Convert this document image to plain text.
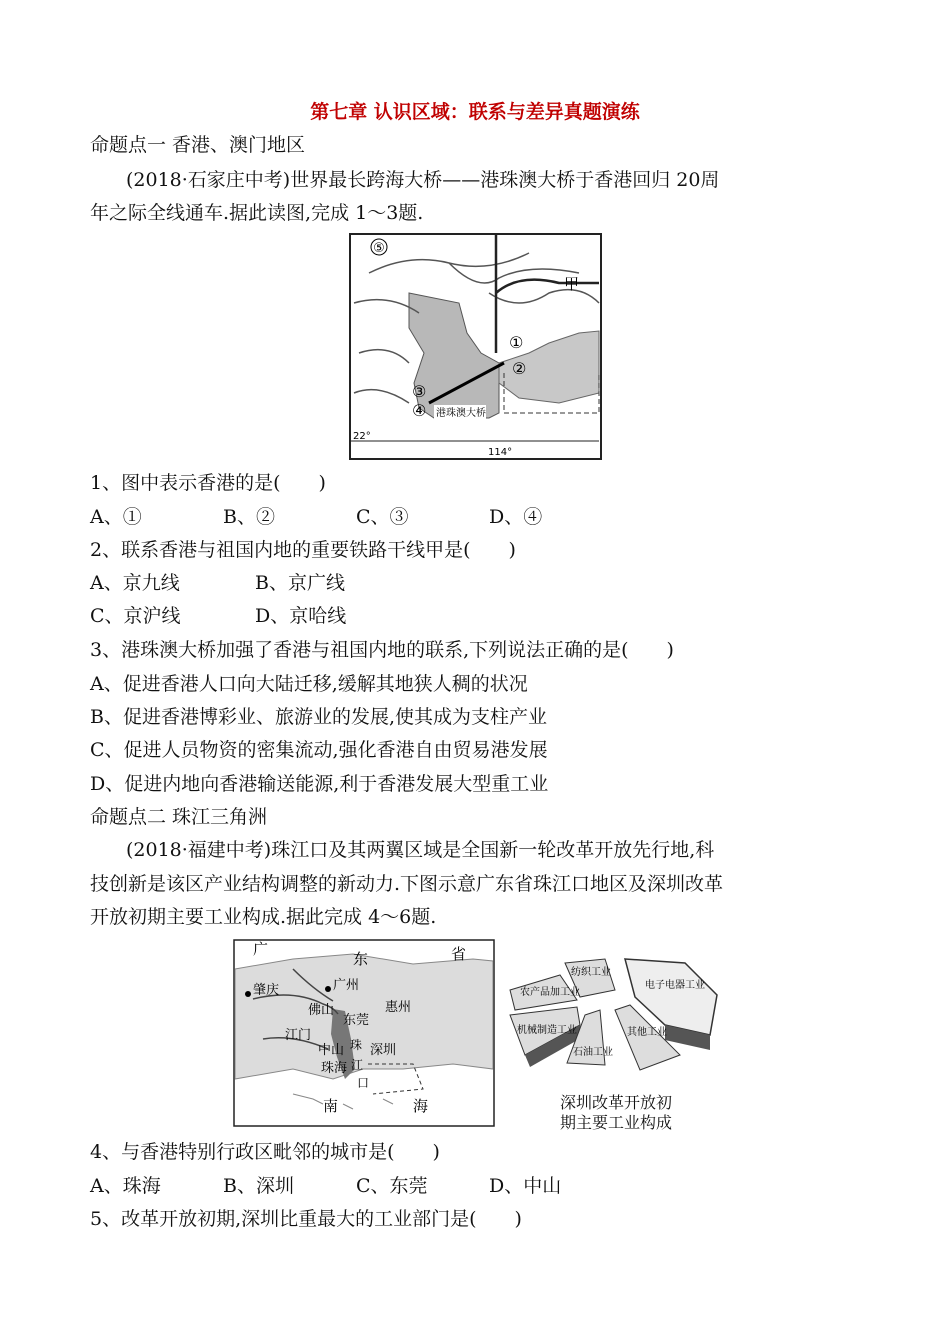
第七章 认识区域：联系与差异真题演练
命题点一 香港、澳门地区
(2018·石家庄中考)世界最长跨海大桥——港珠澳大桥于香港回归 20周
年之际全线通车.据此读图,完成 1～3题.
⑤
甲
①
②
③
④ 港珠澳大桥
22°
114°
1、图中表示香港的是(　　)
A、①	B、②	C、③	D、④
2、联系香港与祖国内地的重要铁路干线甲是(　　)
A、京九线	B、京广线
C、京沪线	D、京哈线
3、港珠澳大桥加强了香港与祖国内地的联系,下列说法正确的是(　　)
A、促进香港人口向大陆迁移,缓解其地狭人稠的状况
B、促进香港博彩业、旅游业的发展,使其成为支柱产业
C、促进人员物资的密集流动,强化香港自由贸易港发展
D、促进内地向香港输送能源,利于香港发展大型重工业
命题点二 珠江三角洲
(2018·福建中考)珠江口及其两翼区域是全国新一轮改革开放先行地,科
技创新是该区产业结构调整的新动力.下图示意广东省珠江口地区及深圳改革
开放初期主要工业构成.据此完成 4～6题.
广
东	省
肇庆	广州
佛山
东莞
惠州
江门
中山 深圳
珠海
珠
江
口
南	海
纺织工业
电子电器工业
农产品加工业
机械制造工业
石油工业
其他工业
深圳改革开放初
期主要工业构成
4、与香港特别行政区毗邻的城市是(　　)
A、珠海	B、深圳	C、东莞	D、中山
5、改革开放初期,深圳比重最大的工业部门是(　　)
